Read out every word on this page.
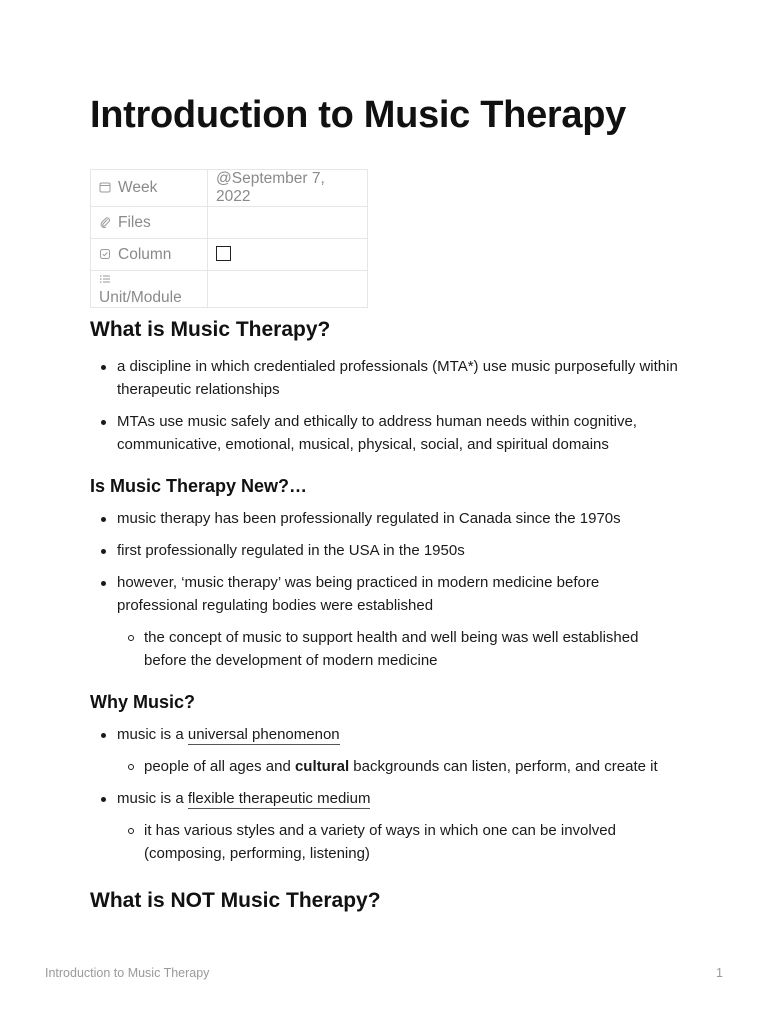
Introduction to Music Therapy
Week	@September 7, 2022
Files	
Column	
Unit/Module	
What is Music Therapy?
a discipline in which credentialed professionals (MTA*) use music purposefully within therapeutic relationships
MTAs use music safely and ethically to address human needs within cognitive, communicative, emotional, musical, physical, social, and spiritual domains
Is Music Therapy New?…
music therapy has been professionally regulated in Canada since the 1970s
first professionally regulated in the USA in the 1950s
however, ‘music therapy’ was being practiced in modern medicine before professional regulating bodies were established
the concept of music to support health and well being was well established before the development of modern medicine
Why Music?
music is a universal phenomenon
people of all ages and cultural backgrounds can listen, perform, and create it
music is a flexible therapeutic medium
it has various styles and a variety of ways in which one can be involved (composing, performing, listening)
What is NOT Music Therapy?
Introduction to Music Therapy	1
